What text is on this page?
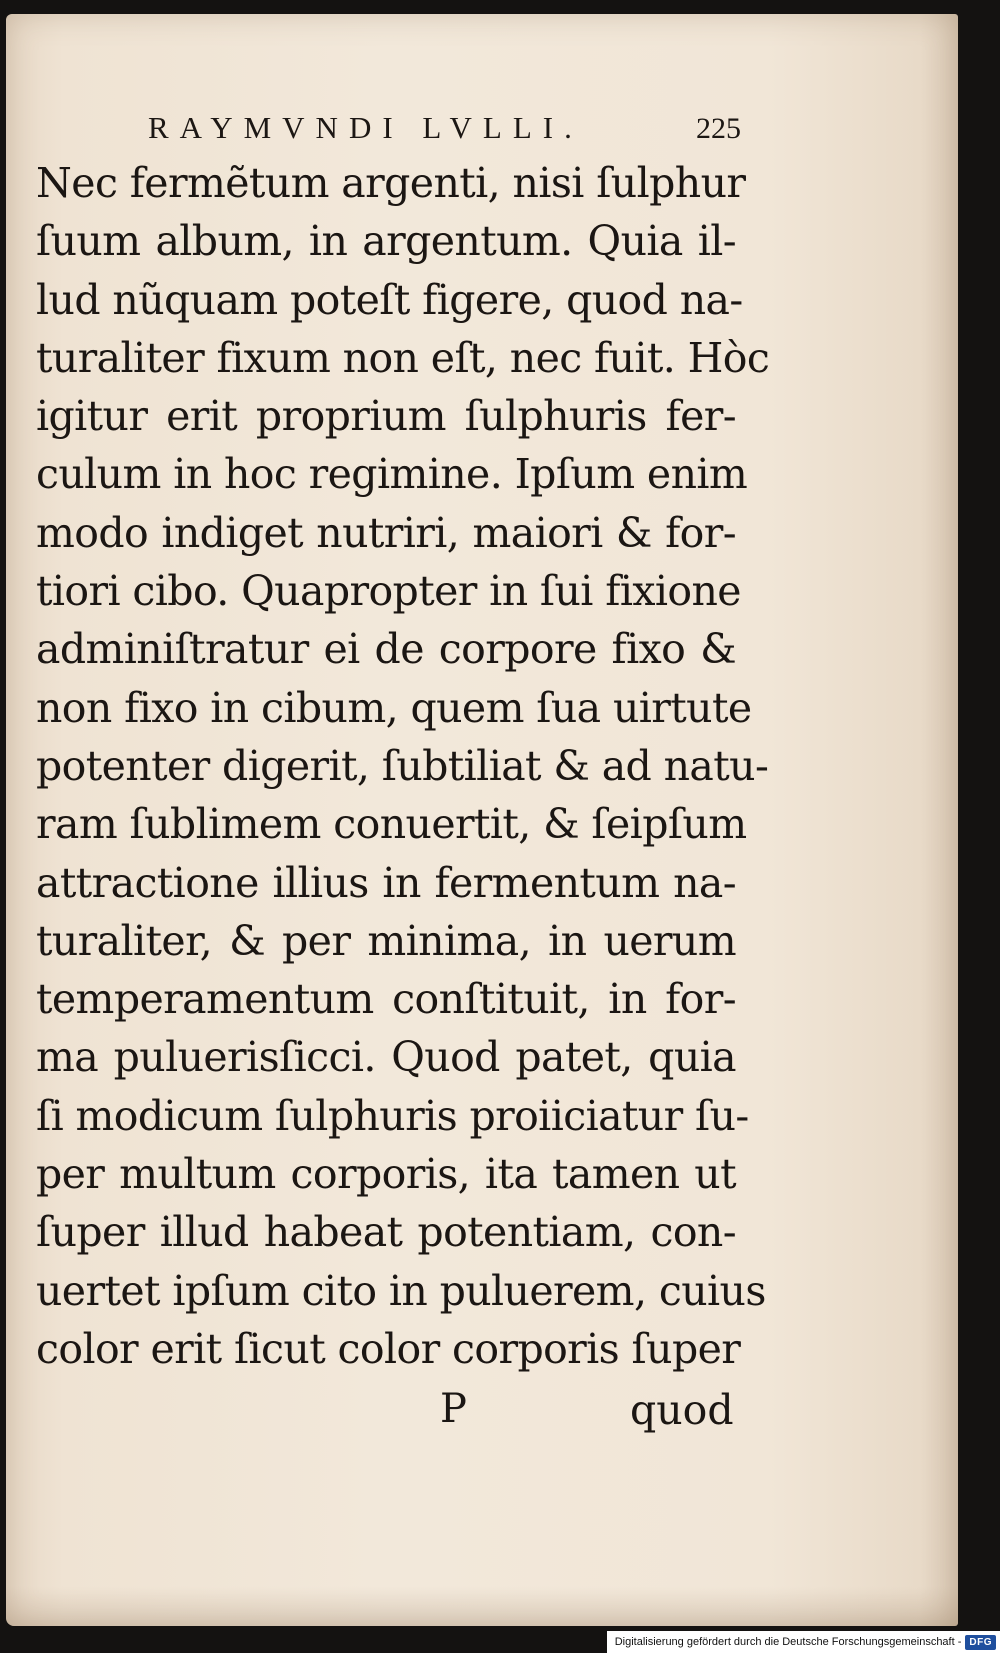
RAYMVNDI LVLLI.	225
Nec fermẽtum argenti, nisi ſulphur
ſuum album, in argentum. Quia il-
lud nũquam poteſt figere, quod na-
turaliter fixum non eſt, nec fuit. Hòc
igitur erit proprium ſulphuris fer-
culum in hoc regimine. Ipſum enim
modo indiget nutriri, maiori & for-
tiori cibo. Quapropter in ſui fixione
adminiſtratur ei de corpore fixo &
non fixo in cibum, quem ſua uirtute
potenter digerit, ſubtiliat & ad natu-
ram ſublimem conuertit, & ſeipſum
attractione illius in fermentum na-
turaliter, & per minima, in uerum
temperamentum conſtituit, in for-
ma puluerisſicci. Quod patet, quia
ſi modicum ſulphuris proiiciatur ſu-
per multum corporis, ita tamen ut
ſuper illud habeat potentiam, con-
uertet ipſum cito in puluerem, cuius
color erit ſicut color corporis ſuper
P	quod
Digitalisierung gefördert durch die Deutsche Forschungsgemeinschaft - DFG
